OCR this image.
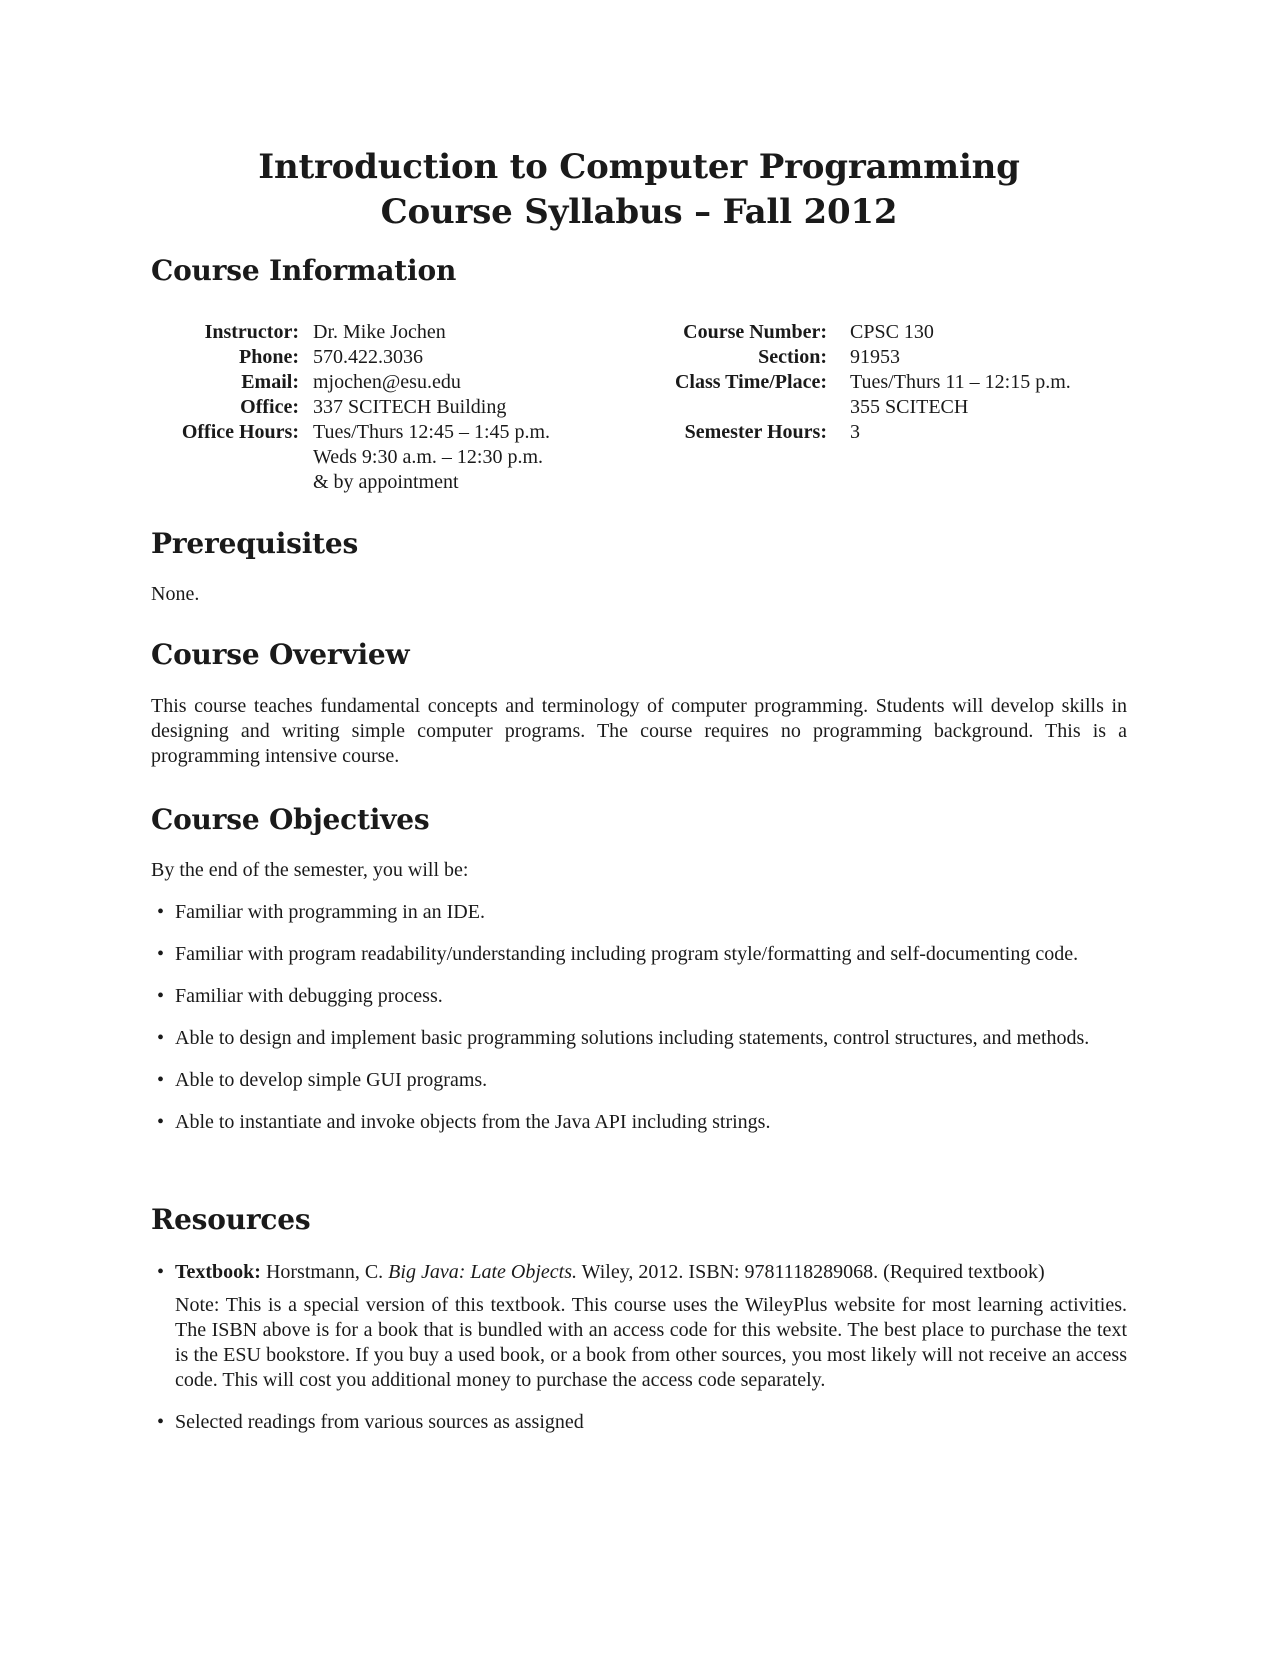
Introduction to Computer Programming
Course Syllabus – Fall 2012
Course Information
Instructor: Dr. Mike Jochen
Phone: 570.422.3036
Email: mjochen@esu.edu
Office: 337 SCITECH Building
Office Hours: Tues/Thurs 12:45 – 1:45 p.m.
Weds 9:30 a.m. – 12:30 p.m.
& by appointment
Course Number: CPSC 130
Section: 91953
Class Time/Place: Tues/Thurs 11 – 12:15 p.m.
355 SCITECH
Semester Hours: 3
Prerequisites
None.
Course Overview
This course teaches fundamental concepts and terminology of computer programming. Students will develop skills in designing and writing simple computer programs. The course requires no programming background. This is a programming intensive course.
Course Objectives
By the end of the semester, you will be:
• Familiar with programming in an IDE.
• Familiar with program readability/understanding including program style/formatting and self-documenting code.
• Familiar with debugging process.
• Able to design and implement basic programming solutions including statements, control structures, and methods.
• Able to develop simple GUI programs.
• Able to instantiate and invoke objects from the Java API including strings.
Resources
• Textbook: Horstmann, C. Big Java: Late Objects. Wiley, 2012. ISBN: 9781118289068. (Required textbook)
Note: This is a special version of this textbook. This course uses the WileyPlus website for most learning activities. The ISBN above is for a book that is bundled with an access code for this website. The best place to purchase the text is the ESU bookstore. If you buy a used book, or a book from other sources, you most likely will not receive an access code. This will cost you additional money to purchase the access code separately.
• Selected readings from various sources as assigned
